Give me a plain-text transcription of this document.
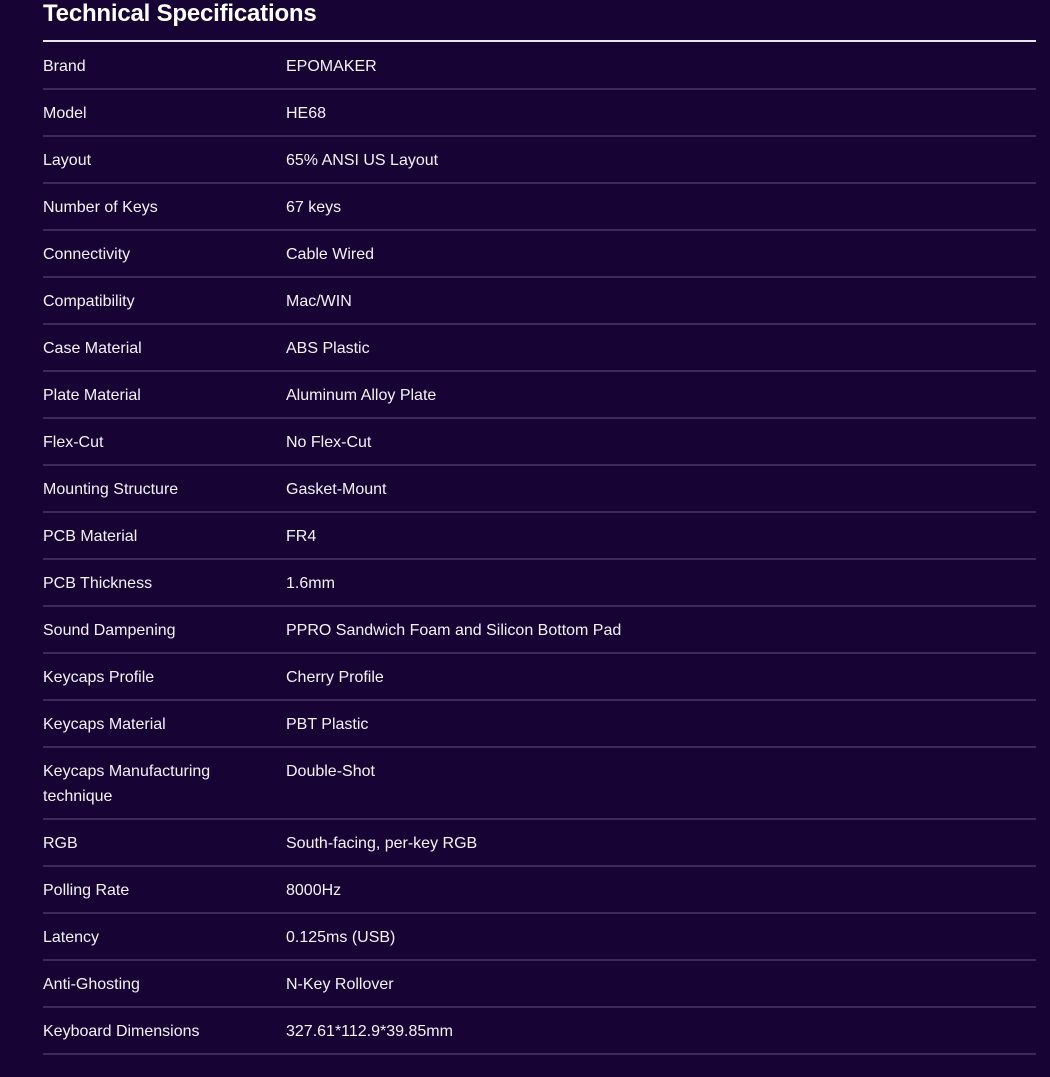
Technical Specifications
Brand	EPOMAKER

Model	HE68

Layout	65% ANSI US Layout

Number of Keys	67 keys

Connectivity	Cable Wired

Compatibility	Mac/WIN

Case Material	ABS Plastic

Plate Material	Aluminum Alloy Plate

Flex-Cut	No Flex-Cut

Mounting Structure	Gasket-Mount

PCB Material	FR4

PCB Thickness	1.6mm

Sound Dampening	PPRO Sandwich Foam and Silicon Bottom Pad

Keycaps Profile	Cherry Profile

Keycaps Material	PBT Plastic

Keycaps Manufacturing technique	Double-Shot

RGB	South-facing, per-key RGB

Polling Rate	8000Hz

Latency	0.125ms (USB)

Anti-Ghosting	N-Key Rollover

Keyboard Dimensions	327.61*112.9*39.85mm
